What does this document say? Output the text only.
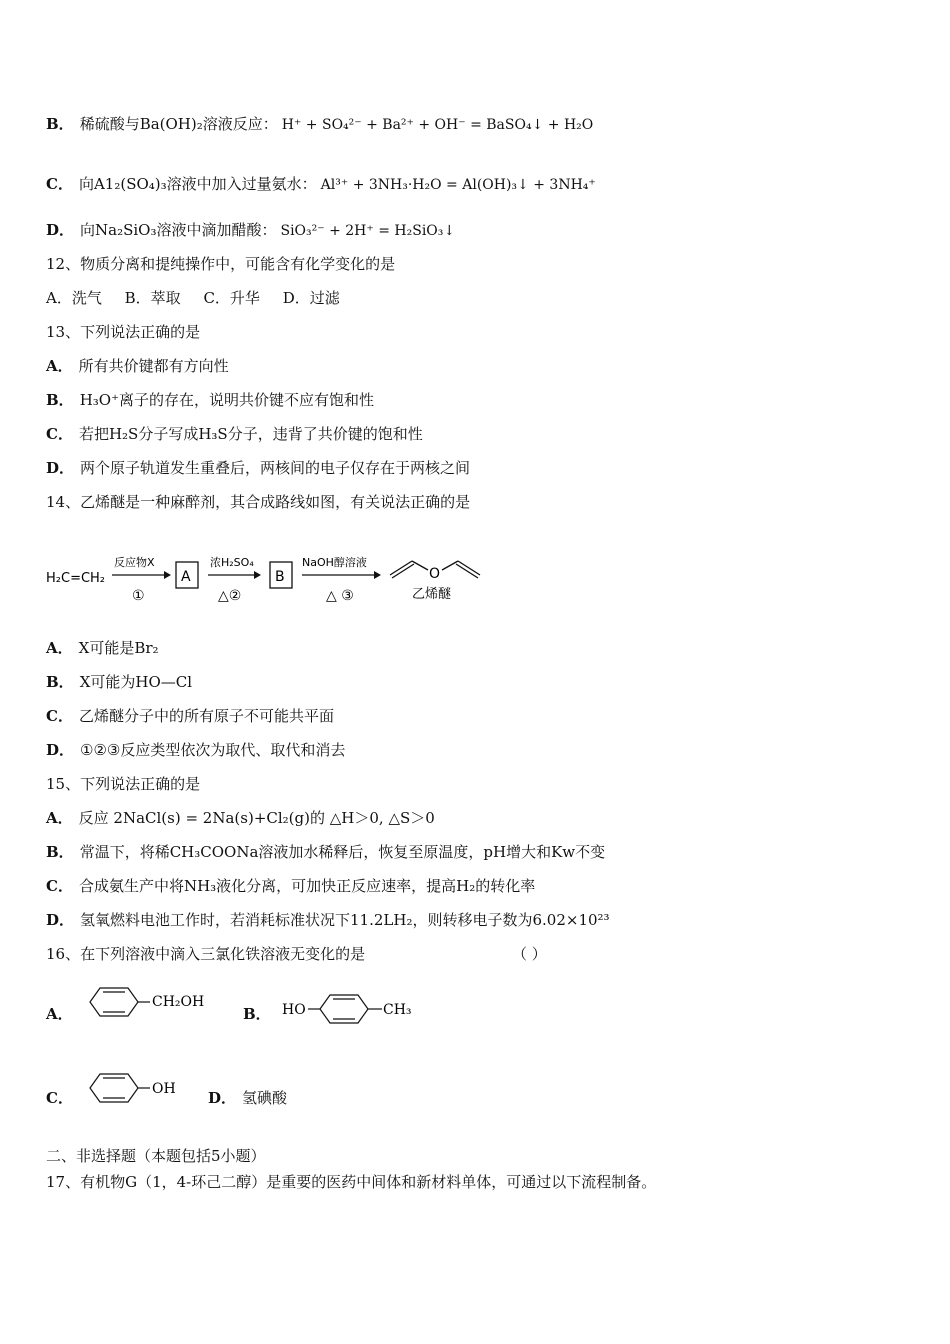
B． 稀硫酸与Ba(OH)₂溶液反应： H⁺ + SO₄²⁻ + Ba²⁺ + OH⁻ = BaSO₄↓ + H₂O
C． 向A1₂(SO₄)₃溶液中加入过量氨水： Al³⁺ + 3NH₃·H₂O = Al(OH)₃↓ + 3NH₄⁺
D． 向Na₂SiO₃溶液中滴加醋酸： SiO₃²⁻ + 2H⁺ = H₂SiO₃↓
12、物质分离和提纯操作中，可能含有化学变化的是
A．洗气 B．萃取 C．升华 D．过滤
13、下列说法正确的是
A． 所有共价键都有方向性
B． H₃O⁺离子的存在，说明共价键不应有饱和性
C． 若把H₂S分子写成H₃S分子，违背了共价键的饱和性
D． 两个原子轨道发生重叠后，两核间的电子仅存在于两核之间
14、乙烯醚是一种麻醉剂，其合成路线如图，有关说法正确的是
H₂C=CH₂
反应物X
①
A
浓H₂SO₄
△②
B
NaOH醇溶液
△ ③
O
乙烯醚
A． X可能是Br₂
B． X可能为HO—Cl
C． 乙烯醚分子中的所有原子不可能共平面
D． ①②③反应类型依次为取代、取代和消去
15、下列说法正确的是
A． 反应 2NaCl(s) = 2Na(s)+Cl₂(g)的 △H＞0, △S＞0
B． 常温下，将稀CH₃COONa溶液加水稀释后，恢复至原温度，pH增大和Kw不变
C． 合成氨生产中将NH₃液化分离，可加快正反应速率，提高H₂的转化率
D． 氢氧燃料电池工作时，若消耗标准状况下11.2LH₂，则转移电子数为6.02×10²³
16、在下列溶液中滴入三氯化铁溶液无变化的是	（ ）
A．
CH₂OH
B． HO	CH₃
C．	OH D． 氢碘酸
二、非选择题（本题包括5小题）
17、有机物G（1，4-环己二醇）是重要的医药中间体和新材料单体，可通过以下流程制备。
